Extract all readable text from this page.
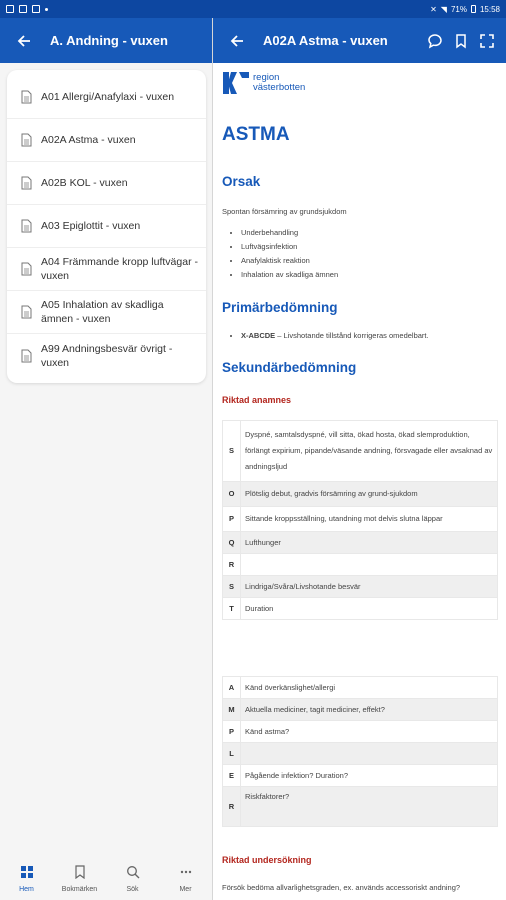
✕ ◥ 71% 15:58
A. Andning - vuxen	A02A Astma - vuxen
A01 Allergi/Anafylaxi - vuxen
A02A Astma - vuxen
A02B KOL - vuxen
A03 Epiglottit - vuxen
A04 Främmande kropp luftvägar - vuxen
A05 Inhalation av skadliga ämnen - vuxen
A99 Andningsbesvär övrigt - vuxen
Hem	Bokmärken	Sök	Mer
region
västerbotten
ASTMA
Orsak
Spontan försämring av grundsjukdom
• Underbehandling
• Luftvägsinfektion
• Anafylaktisk reaktion
• Inhalation av skadliga ämnen
Primärbedömning
• X-ABCDE – Livshotande tillstånd korrigeras omedelbart.
Sekundärbedömning
Riktad anamnes
S	Dyspné, samtalsdyspné, vill sitta, ökad hosta, ökad slemproduktion, förlängt expirium, pipande/väsande andning, försvagade eller avsaknad av andningsljud
O	Plötslig debut, gradvis försämring av grund-sjukdom
P	Sittande kroppsställning, utandning mot delvis slutna läppar
Q	Lufthunger
R	
S	Lindriga/Svåra/Livshotande besvär
T	Duration
A	Känd överkänslighet/allergi
M	Aktuella mediciner, tagit mediciner, effekt?
P	Känd astma?
L	
E	Pågående infektion? Duration?
R	Riskfaktorer?
Riktad undersökning
Försök bedöma allvarlighetsgraden, ex. används accessoriskt andning?
